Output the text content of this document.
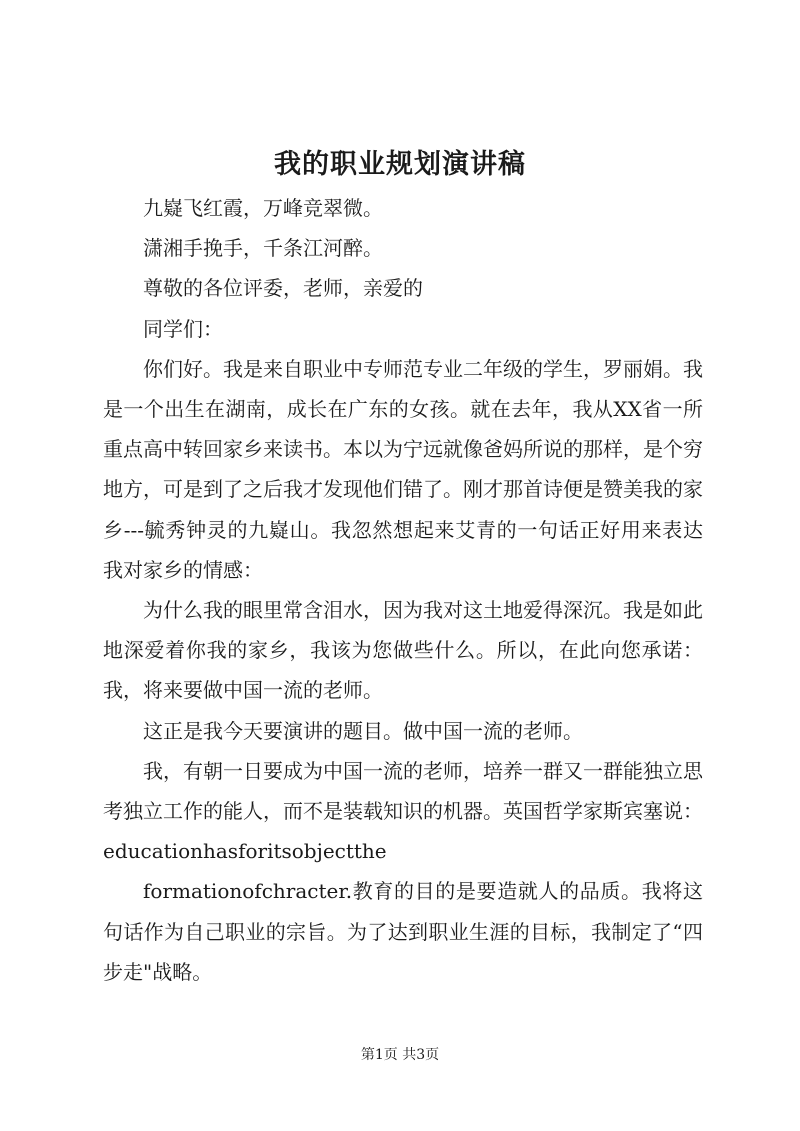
我的职业规划演讲稿

九嶷飞红霞，万峰竞翠微。

潇湘手挽手，千条江河醉。

尊敬的各位评委，老师，亲爱的

同学们：

你们好。我是来自职业中专师范专业二年级的学生，罗丽娟。我是一个出生在湖南，成长在广东的女孩。就在去年，我从XX省一所重点高中转回家乡来读书。本以为宁远就像爸妈所说的那样，是个穷地方，可是到了之后我才发现他们错了。刚才那首诗便是赞美我的家乡---毓秀钟灵的九嶷山。我忽然想起来艾青的一句话正好用来表达我对家乡的情感：

为什么我的眼里常含泪水，因为我对这土地爱得深沉。我是如此地深爱着你我的家乡，我该为您做些什么。所以，在此向您承诺：我，将来要做中国一流的老师。

这正是我今天要演讲的题目。做中国一流的老师。

我，有朝一日要成为中国一流的老师，培养一群又一群能独立思考独立工作的能人，而不是装载知识的机器。英国哲学家斯宾塞说：educationhasforitsobjectthe

formationofchracter.教育的目的是要造就人的品质。我将这句话作为自己职业的宗旨。为了达到职业生涯的目标，我制定了“四步走"战略。

第1页 共3页
